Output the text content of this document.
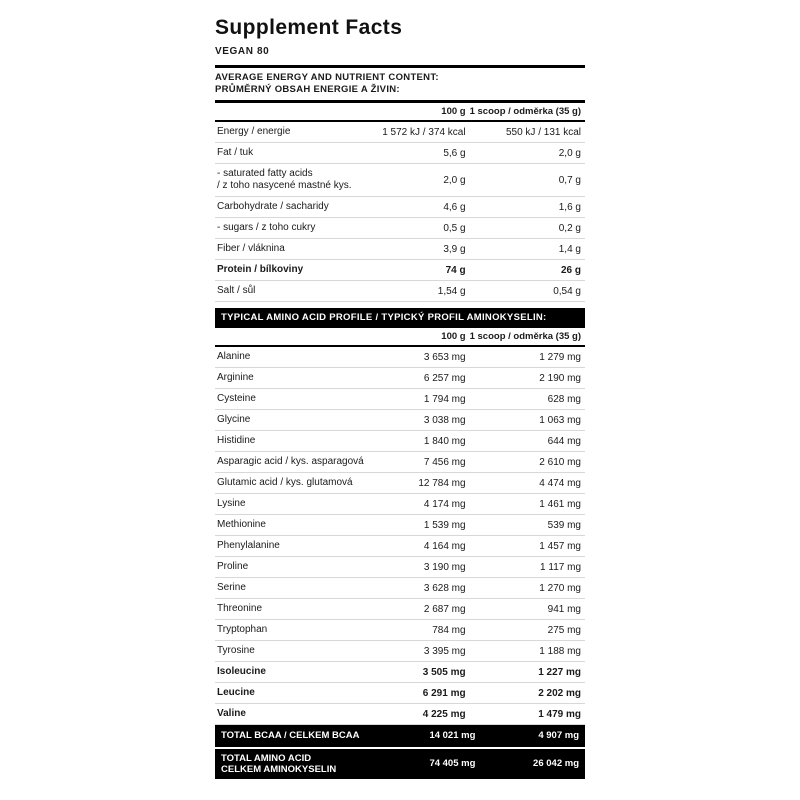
Supplement Facts
VEGAN 80
AVERAGE ENERGY AND NUTRIENT CONTENT:
PRŮMĚRNÝ OBSAH ENERGIE A ŽIVIN:
	100 g	1 scoop / odměrka (35 g)
Energy / energie	1 572 kJ / 374 kcal	550 kJ / 131 kcal
Fat / tuk	5,6 g	2,0 g
- saturated fatty acids
/ z toho nasycené mastné kys.	2,0 g	0,7 g
Carbohydrate / sacharidy	4,6 g	1,6 g
- sugars / z toho cukry	0,5 g	0,2 g
Fiber / vláknina	3,9 g	1,4 g
Protein / bílkoviny	74 g	26 g
Salt / sůl	1,54 g	0,54 g
TYPICAL AMINO ACID PROFILE / TYPICKÝ PROFIL AMINOKYSELIN:
	100 g	1 scoop / odměrka (35 g)
Alanine	3 653 mg	1 279 mg
Arginine	6 257 mg	2 190 mg
Cysteine	1 794 mg	628 mg
Glycine	3 038 mg	1 063 mg
Histidine	1 840 mg	644 mg
Asparagic acid / kys. asparagová	7 456 mg	2 610 mg
Glutamic acid / kys. glutamová	12 784 mg	4 474 mg
Lysine	4 174 mg	1 461 mg
Methionine	1 539 mg	539 mg
Phenylalanine	4 164 mg	1 457 mg
Proline	3 190 mg	1 117 mg
Serine	3 628 mg	1 270 mg
Threonine	2 687 mg	941 mg
Tryptophan	784 mg	275 mg
Tyrosine	3 395 mg	1 188 mg
Isoleucine	3 505 mg	1 227 mg
Leucine	6 291 mg	2 202 mg
Valine	4 225 mg	1 479 mg
TOTAL BCAA / CELKEM BCAA	14 021 mg	4 907 mg

TOTAL AMINO ACID
CELKEM AMINOKYSELIN	74 405 mg	26 042 mg
